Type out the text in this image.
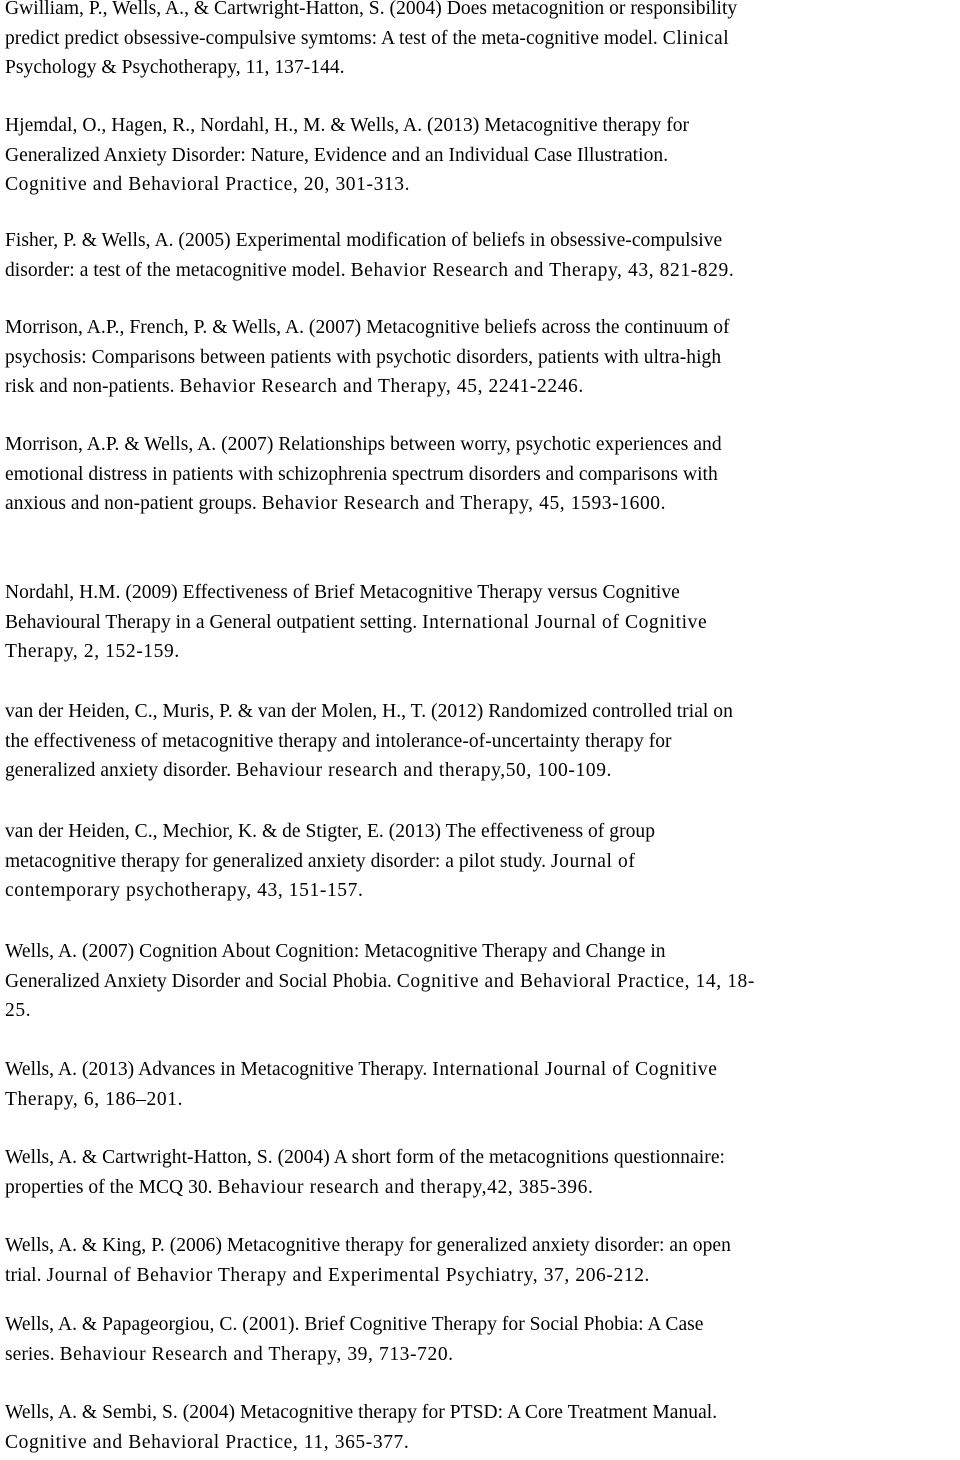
Gwilliam, P., Wells, A., & Cartwright-Hatton, S. (2004) Does metacognition or responsibility
predict predict obsessive-compulsive symtoms: A test of the meta-cognitive model. Clinical
Psychology & Psychotherapy, 11, 137-144.
Hjemdal, O., Hagen, R., Nordahl, H., M. & Wells, A. (2013) Metacognitive therapy for
Generalized Anxiety Disorder: Nature, Evidence and an Individual Case Illustration.
Cognitive and Behavioral Practice, 20, 301-313.
Fisher, P. & Wells, A. (2005) Experimental modification of beliefs in obsessive-compulsive
disorder: a test of the metacognitive model. Behavior Research and Therapy, 43, 821-829.
Morrison, A.P., French, P. & Wells, A. (2007) Metacognitive beliefs across the continuum of
psychosis: Comparisons between patients with psychotic disorders, patients with ultra-high
risk and non-patients. Behavior Research and Therapy, 45, 2241-2246.
Morrison, A.P. & Wells, A. (2007) Relationships between worry, psychotic experiences and
emotional distress in patients with schizophrenia spectrum disorders and comparisons with
anxious and non-patient groups. Behavior Research and Therapy, 45, 1593-1600.
Nordahl, H.M. (2009) Effectiveness of Brief Metacognitive Therapy versus Cognitive
Behavioural Therapy in a General outpatient setting. International Journal of Cognitive
Therapy, 2, 152-159.
van der Heiden, C., Muris, P. & van der Molen, H., T. (2012) Randomized controlled trial on
the effectiveness of metacognitive therapy and intolerance-of-uncertainty therapy for
generalized anxiety disorder. Behaviour research and therapy,50, 100-109.
van der Heiden, C., Mechior, K. & de Stigter, E. (2013) The effectiveness of group
metacognitive therapy for generalized anxiety disorder: a pilot study. Journal of
contemporary psychotherapy, 43, 151-157.
Wells, A. (2007) Cognition About Cognition: Metacognitive Therapy and Change in
Generalized Anxiety Disorder and Social Phobia. Cognitive and Behavioral Practice, 14, 18-
25.
Wells, A. (2013) Advances in Metacognitive Therapy. International Journal of Cognitive
Therapy, 6, 186–201.
Wells, A. & Cartwright-Hatton, S. (2004) A short form of the metacognitions questionnaire:
properties of the MCQ 30. Behaviour research and therapy,42, 385-396.
Wells, A. & King, P. (2006) Metacognitive therapy for generalized anxiety disorder: an open
trial. Journal of Behavior Therapy and Experimental Psychiatry, 37, 206-212.
Wells, A. & Papageorgiou, C. (2001). Brief Cognitive Therapy for Social Phobia: A Case
series. Behaviour Research and Therapy, 39, 713-720.
Wells, A. & Sembi, S. (2004) Metacognitive therapy for PTSD: A Core Treatment Manual.
Cognitive and Behavioral Practice, 11, 365-377.
